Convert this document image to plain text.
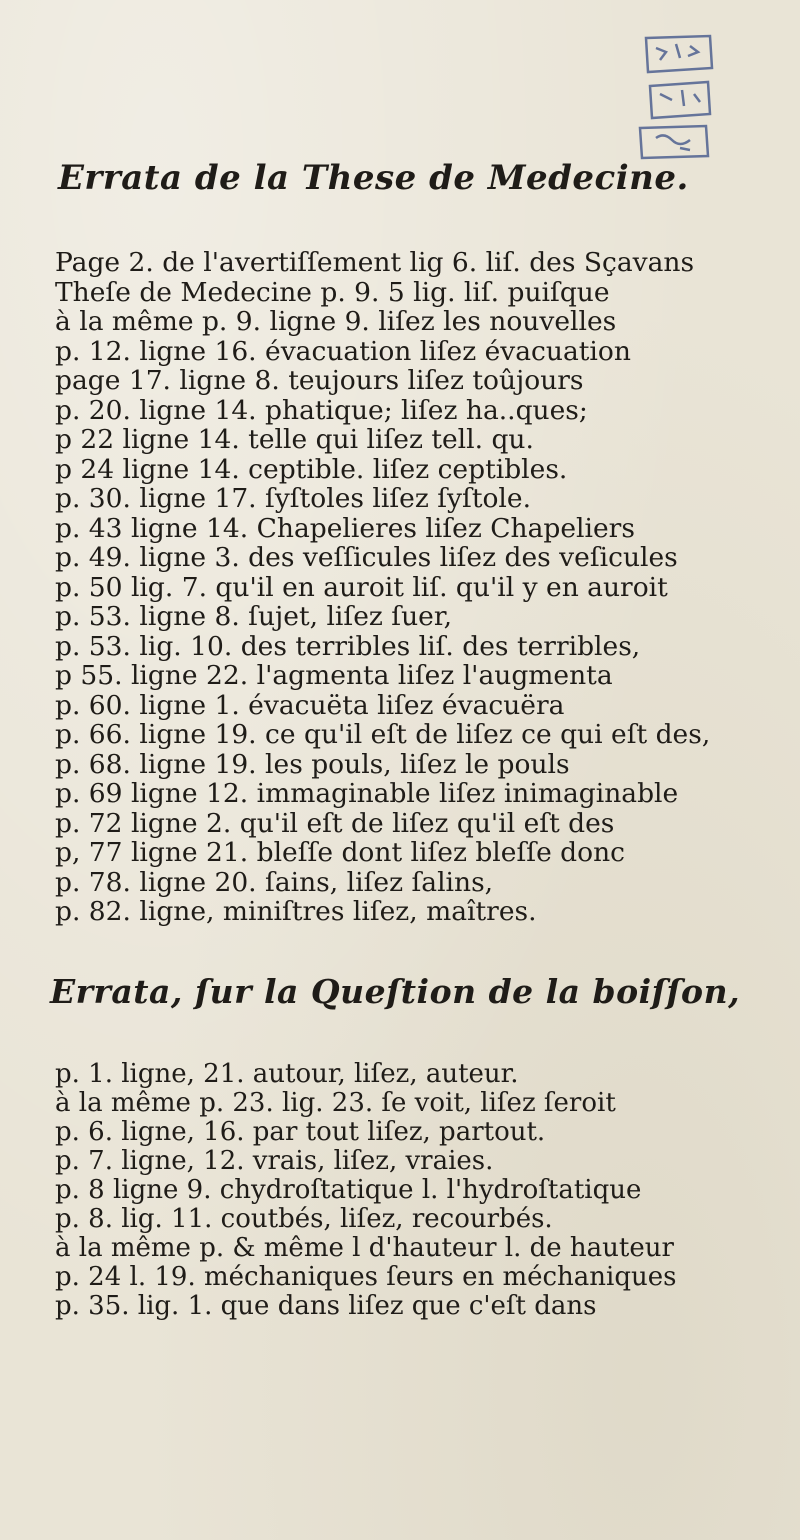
Errata de la These de Medecine.
Page 2. de l'avertiſſement lig 6. liſ. des Sçavans
Theſe de Medecine p. 9. 5 lig. liſ. puiſque
à la même p. 9. ligne 9. liſez les nouvelles
p. 12. ligne 16. évacuation liſez évacuation
page 17. ligne 8. teujours liſez toûjours
p. 20. ligne 14. phatique; liſez ha..ques;
p 22 ligne 14. telle qui liſez tell. qu.
p 24 ligne 14. ceptible. liſez ceptibles.
p. 30. ligne 17. ſyſtoles liſez ſyſtole.
p. 43 ligne 14. Chapelieres liſez Chapeliers
p. 49. ligne 3. des veſſicules liſez des veſicules
p. 50 lig. 7. qu'il en auroit liſ. qu'il y en auroit
p. 53. ligne 8. ſujet, liſez ſuer,
p. 53. lig. 10. des terribles liſ. des terribles,
p 55. ligne 22. l'agmenta liſez l'augmenta
p. 60. ligne 1. évacuëta liſez évacuëra
p. 66. ligne 19. ce qu'il eſt de liſez ce qui eſt des,
p. 68. ligne 19. les pouls, liſez le pouls
p. 69 ligne 12. immaginable liſez inimaginable
p. 72 ligne 2. qu'il eſt de liſez qu'il eſt des
p, 77 ligne 21. bleſſe dont liſez bleſſe donc
p. 78. ligne 20. ſains, liſez ſalins,
p. 82. ligne, miniſtres liſez, maîtres.
Errata, ſur la Queſtion de la boiſſon,
p. 1. ligne, 21. autour, liſez, auteur.
à la même p. 23. lig. 23. ſe voit, liſez ſeroit
p. 6. ligne, 16. par tout liſez, partout.
p. 7. ligne, 12. vrais, liſez, vraies.
p. 8 ligne 9. chydroſtatique l. l'hydroſtatique
p. 8. lig. 11. coutbés, liſez, recourbés.
à la même p. & même l d'hauteur l. de hauteur
p. 24 l. 19. méchaniques ſeurs en méchaniques
p. 35. lig. 1. que dans liſez que c'eſt dans
